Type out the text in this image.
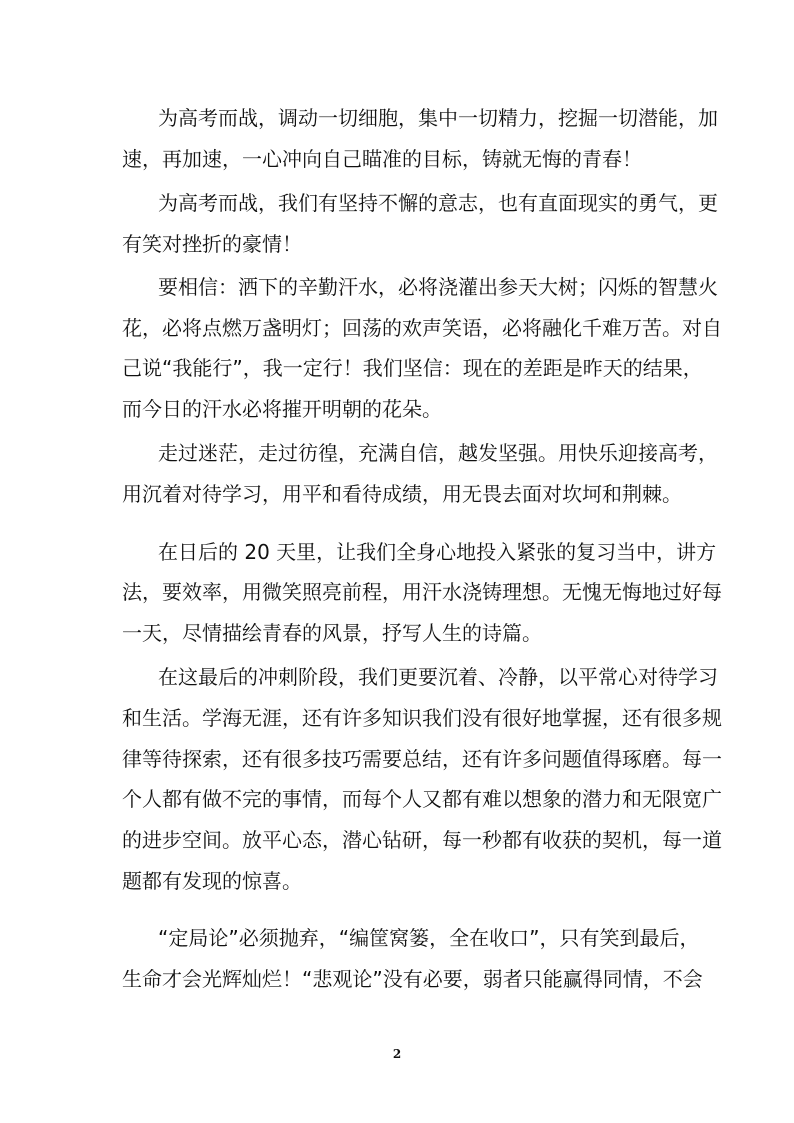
为高考而战，调动一切细胞，集中一切精力，挖掘一切潜能，加
速，再加速，一心冲向自己瞄准的目标，铸就无悔的青春！
为高考而战，我们有坚持不懈的意志，也有直面现实的勇气，更
有笑对挫折的豪情！
要相信：洒下的辛勤汗水，必将浇灌出参天大树；闪烁的智慧火
花，必将点燃万盏明灯；回荡的欢声笑语，必将融化千难万苦。对自
己说“我能行”，我一定行！我们坚信：现在的差距是昨天的结果，
而今日的汗水必将摧开明朝的花朵。
走过迷茫，走过彷徨，充满自信，越发坚强。用快乐迎接高考，
用沉着对待学习，用平和看待成绩，用无畏去面对坎坷和荆棘。
在日后的 20 天里，让我们全身心地投入紧张的复习当中，讲方
法，要效率，用微笑照亮前程，用汗水浇铸理想。无愧无悔地过好每
一天，尽情描绘青春的风景，抒写人生的诗篇。
在这最后的冲刺阶段，我们更要沉着、冷静，以平常心对待学习
和生活。学海无涯，还有许多知识我们没有很好地掌握，还有很多规
律等待探索，还有很多技巧需要总结，还有许多问题值得琢磨。每一
个人都有做不完的事情，而每个人又都有难以想象的潜力和无限宽广
的进步空间。放平心态，潜心钻研，每一秒都有收获的契机，每一道
题都有发现的惊喜。
“定局论”必须抛弃，“编筐窝篓，全在收口”，只有笑到最后，
生命才会光辉灿烂！“悲观论”没有必要，弱者只能赢得同情，不会
2
